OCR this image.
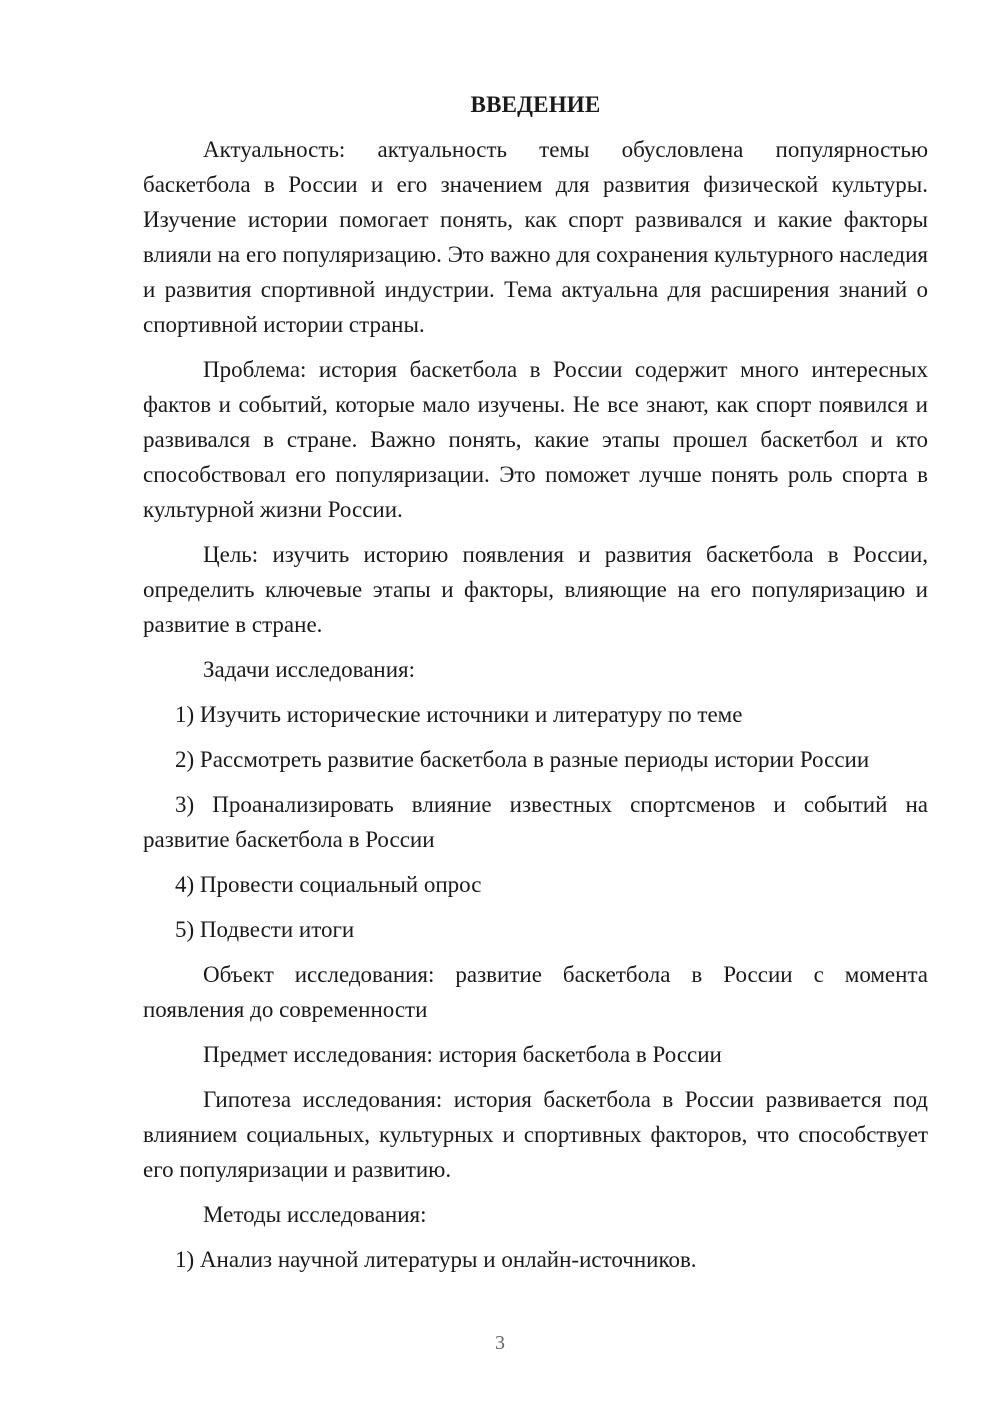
ВВЕДЕНИЕ

Актуальность: актуальность темы обусловлена популярностью баскетбола в России и его значением для развития физической культуры. Изучение истории помогает понять, как спорт развивался и какие факторы влияли на его популяризацию. Это важно для сохранения культурного наследия и развития спортивной индустрии. Тема актуальна для расширения знаний о спортивной истории страны.

Проблема: история баскетбола в России содержит много интересных фактов и событий, которые мало изучены. Не все знают, как спорт появился и развивался в стране. Важно понять, какие этапы прошел баскетбол и кто способствовал его популяризации. Это поможет лучше понять роль спорта в культурной жизни России.

Цель: изучить историю появления и развития баскетбола в России, определить ключевые этапы и факторы, влияющие на его популяризацию и развитие в стране.

Задачи исследования:

1) Изучить исторические источники и литературу по теме

2) Рассмотреть развитие баскетбола в разные периоды истории России

3) Проанализировать влияние известных спортсменов и событий на развитие баскетбола в России

4) Провести социальный опрос

5) Подвести итоги

Объект исследования: развитие баскетбола в России с момента появления до современности

Предмет исследования: история баскетбола в России

Гипотеза исследования: история баскетбола в России развивается под влиянием социальных, культурных и спортивных факторов, что способствует его популяризации и развитию.

Методы исследования:

1) Анализ научной литературы и онлайн-источников.

3
